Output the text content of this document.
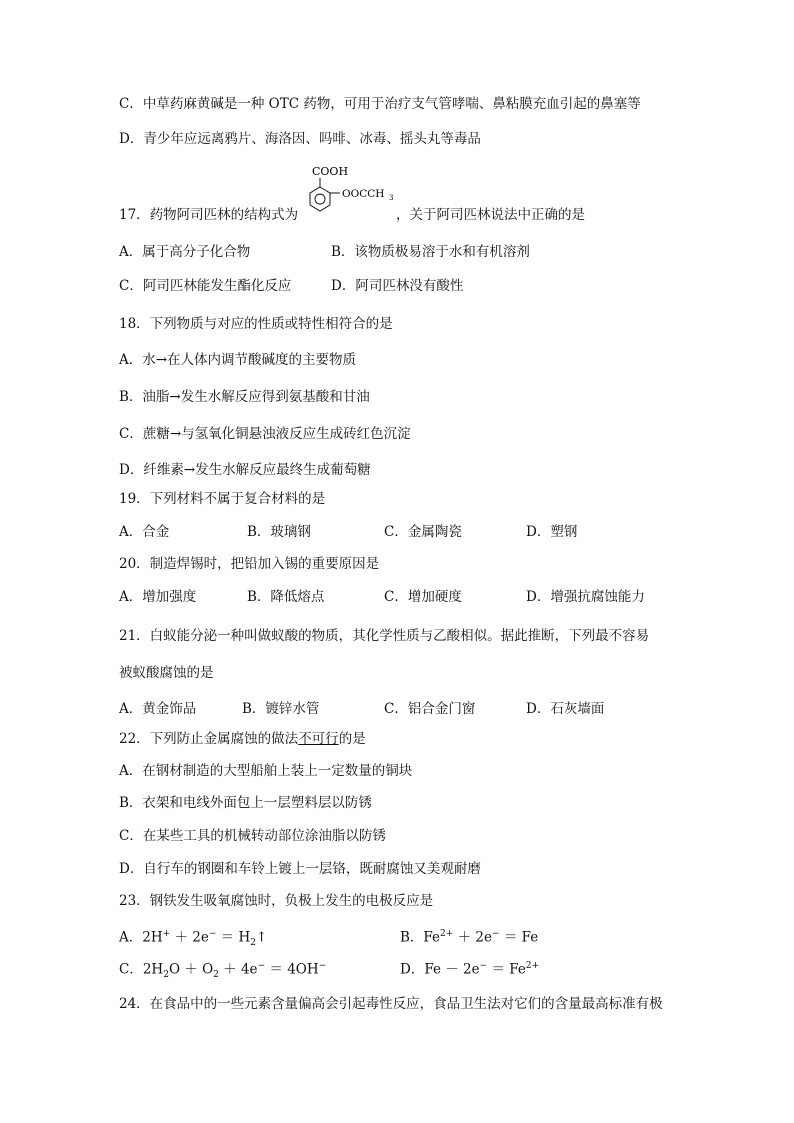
C．中草药麻黄碱是一种 OTC 药物，可用于治疗支气管哮喘、鼻粘膜充血引起的鼻塞等
D．青少年应远离鸦片、海洛因、吗啡、冰毒、摇头丸等毒品
COOH
OOCCH 3
17．药物阿司匹林的结构式为	，关于阿司匹林说法中正确的是
A．属于高分子化合物	B．该物质极易溶于水和有机溶剂
C．阿司匹林能发生酯化反应	D．阿司匹林没有酸性
18．下列物质与对应的性质或特性相符合的是
A．水→在人体内调节酸碱度的主要物质
B．油脂→发生水解反应得到氨基酸和甘油
C．蔗糖→与氢氧化铜悬浊液反应生成砖红色沉淀
D．纤维素→发生水解反应最终生成葡萄糖
19．下列材料不属于复合材料的是
A．合金	B．玻璃钢	C．金属陶瓷	D．塑钢
20．制造焊锡时，把铅加入锡的重要原因是
A．增加强度	B．降低熔点	C．增加硬度	D．增强抗腐蚀能力
21．白蚁能分泌一种叫做蚁酸的物质，其化学性质与乙酸相似。据此推断，下列最不容易
被蚁酸腐蚀的是
A．黄金饰品	B．镀锌水管	C．铝合金门窗	D．石灰墙面
22．下列防止金属腐蚀的做法不可行的是
A．在钢材制造的大型船舶上装上一定数量的铜块
B．衣架和电线外面包上一层塑料层以防锈
C．在某些工具的机械转动部位涂油脂以防锈
D．自行车的钢圈和车铃上镀上一层铬，既耐腐蚀又美观耐磨
23．钢铁发生吸氧腐蚀时，负极上发生的电极反应是
A．$2H^+ + 2e^- = H_2↑$	B．$Fe^{2+} + 2e^- = Fe$
C．$2H_2O + O_2 + 4e^- = 4OH^-$	D．$Fe - 2e^- = Fe^{2+}$
24．在食品中的一些元素含量偏高会引起毒性反应，食品卫生法对它们的含量最高标准有极
